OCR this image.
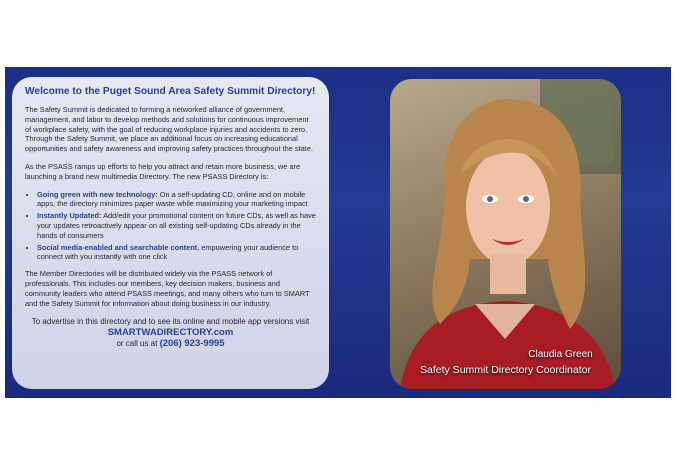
Welcome to the Puget Sound Area Safety Summit Directory!

The Safety Summit is dedicated to forming a networked alliance of government, management, and labor to develop methods and solutions for continuous improvement of workplace safety, with the goal of reducing workplace injuries and accidents to zero. Through the Safety Summit, we place an additional focus on increasing educational opportunities and safety awareness and improving safety practices throughout the state.

As the PSASS ramps up efforts to help you attract and retain more business, we are launching a brand new multimedia Directory. The new PSASS Directory is:

• Going green with new technology: On a self-updating CD, online and on mobile apps, the directory minimizes paper waste while maximizing your marketing impact
• Instantly Updated: Add/edit your promotional content on future CDs, as well as have your updates retroactively appear on all existing self-updating CDs already in the hands of consumers
• Social media-enabled and searchable content, empowering your audience to connect with you instantly with one click

The Member Directories will be distributed widely via the PSASS network of professionals. This includes our members, key decision makers, business and community leaders who attend PSASS meetings, and many others who turn to SMART and the Safety Summit for information about doing business in our industry.

To advertise in this directory and to see its online and mobile app versions visit
SMARTWADIRECTORY.com
or call us at (206) 923-9995
Claudia Green
Safety Summit Directory Coordinator
